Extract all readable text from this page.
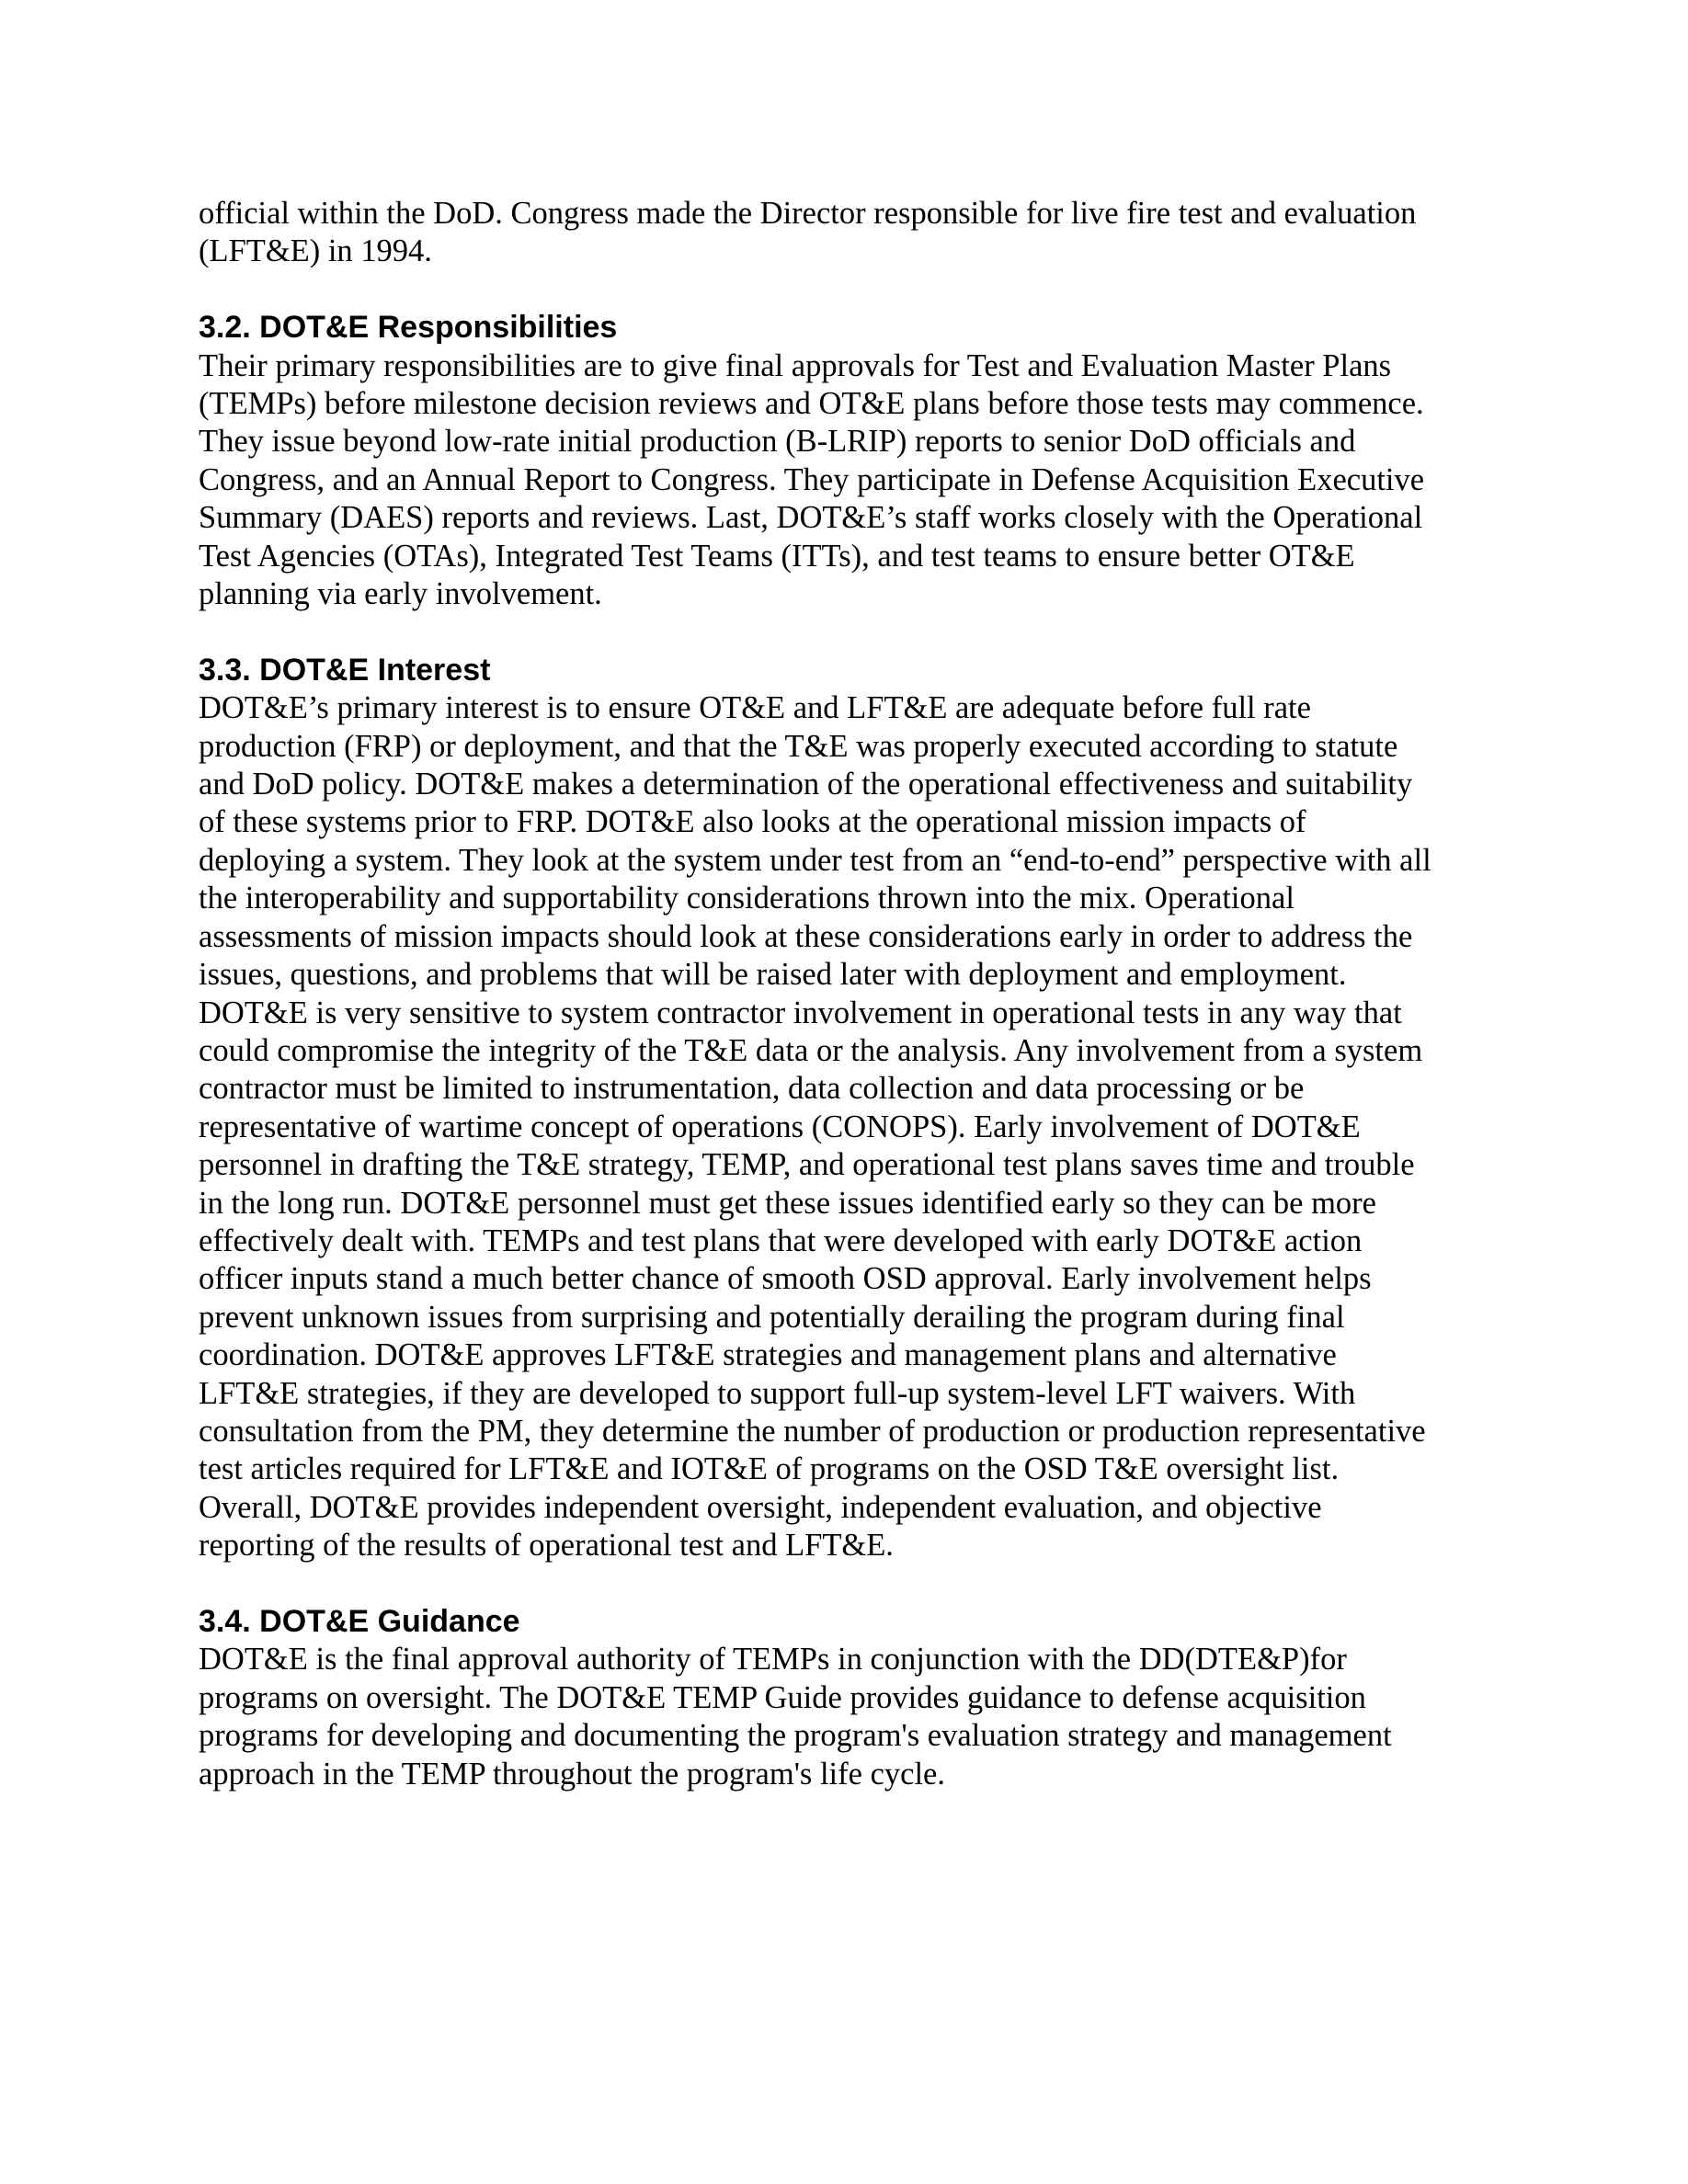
official within the DoD. Congress made the Director responsible for live fire test and evaluation
(LFT&E) in 1994.
3.2. DOT&E Responsibilities
Their primary responsibilities are to give final approvals for Test and Evaluation Master Plans
(TEMPs) before milestone decision reviews and OT&E plans before those tests may commence.
They issue beyond low-rate initial production (B-LRIP) reports to senior DoD officials and
Congress, and an Annual Report to Congress. They participate in Defense Acquisition Executive
Summary (DAES) reports and reviews. Last, DOT&E’s staff works closely with the Operational
Test Agencies (OTAs), Integrated Test Teams (ITTs), and test teams to ensure better OT&E
planning via early involvement.
3.3. DOT&E Interest
DOT&E’s primary interest is to ensure OT&E and LFT&E are adequate before full rate
production (FRP) or deployment, and that the T&E was properly executed according to statute
and DoD policy. DOT&E makes a determination of the operational effectiveness and suitability
of these systems prior to FRP. DOT&E also looks at the operational mission impacts of
deploying a system. They look at the system under test from an “end-to-end” perspective with all
the interoperability and supportability considerations thrown into the mix. Operational
assessments of mission impacts should look at these considerations early in order to address the
issues, questions, and problems that will be raised later with deployment and employment.
DOT&E is very sensitive to system contractor involvement in operational tests in any way that
could compromise the integrity of the T&E data or the analysis. Any involvement from a system
contractor must be limited to instrumentation, data collection and data processing or be
representative of wartime concept of operations (CONOPS). Early involvement of DOT&E
personnel in drafting the T&E strategy, TEMP, and operational test plans saves time and trouble
in the long run. DOT&E personnel must get these issues identified early so they can be more
effectively dealt with. TEMPs and test plans that were developed with early DOT&E action
officer inputs stand a much better chance of smooth OSD approval. Early involvement helps
prevent unknown issues from surprising and potentially derailing the program during final
coordination. DOT&E approves LFT&E strategies and management plans and alternative
LFT&E strategies, if they are developed to support full-up system-level LFT waivers. With
consultation from the PM, they determine the number of production or production representative
test articles required for LFT&E and IOT&E of programs on the OSD T&E oversight list.
Overall, DOT&E provides independent oversight, independent evaluation, and objective
reporting of the results of operational test and LFT&E.
3.4. DOT&E Guidance
DOT&E is the final approval authority of TEMPs in conjunction with the DD(DTE&P)for
programs on oversight. The DOT&E TEMP Guide provides guidance to defense acquisition
programs for developing and documenting the program's evaluation strategy and management
approach in the TEMP throughout the program's life cycle.
